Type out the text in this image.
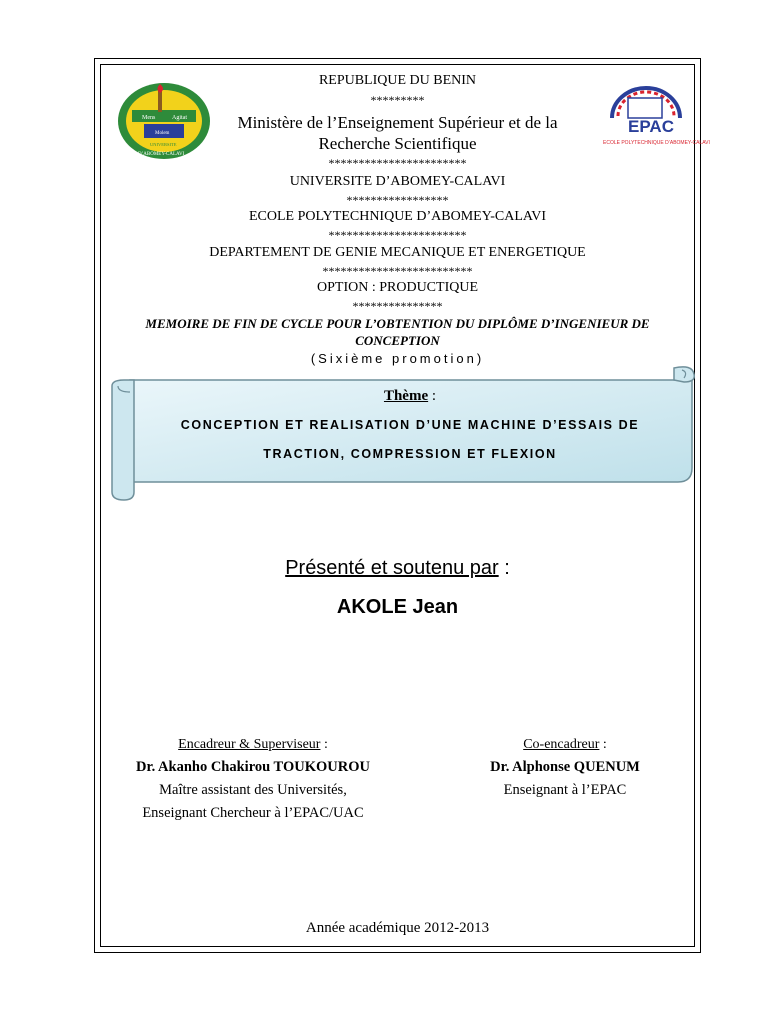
Mens	Agitat
Molem
UNIVERSITE
D’ABOMEY-CALAVI
EPAC
ECOLE POLYTECHNIQUE D’ABOMEY-CALAVI
REPUBLIQUE DU BENIN
*********
Ministère de l’Enseignement Supérieur et de la
Recherche Scientifique
***********************
UNIVERSITE D’ABOMEY-CALAVI
*****************
ECOLE POLYTECHNIQUE D’ABOMEY-CALAVI
***********************
DEPARTEMENT DE GENIE MECANIQUE ET ENERGETIQUE
*************************
OPTION : PRODUCTIQUE
***************
MEMOIRE DE FIN DE CYCLE POUR L’OBTENTION DU DIPLÔME D’INGENIEUR DE
CONCEPTION
(Sixième promotion)
Thème :
CONCEPTION ET REALISATION D’UNE MACHINE D’ESSAIS DE
TRACTION, COMPRESSION ET FLEXION
Présenté et soutenu par :
AKOLE Jean
Encadreur & Superviseur :
Dr. Akanho Chakirou TOUKOUROU
Maître assistant des Universités,
Enseignant Chercheur à l’EPAC/UAC
Co-encadreur :
Dr. Alphonse QUENUM
Enseignant à l’EPAC
Année académique 2012-2013
